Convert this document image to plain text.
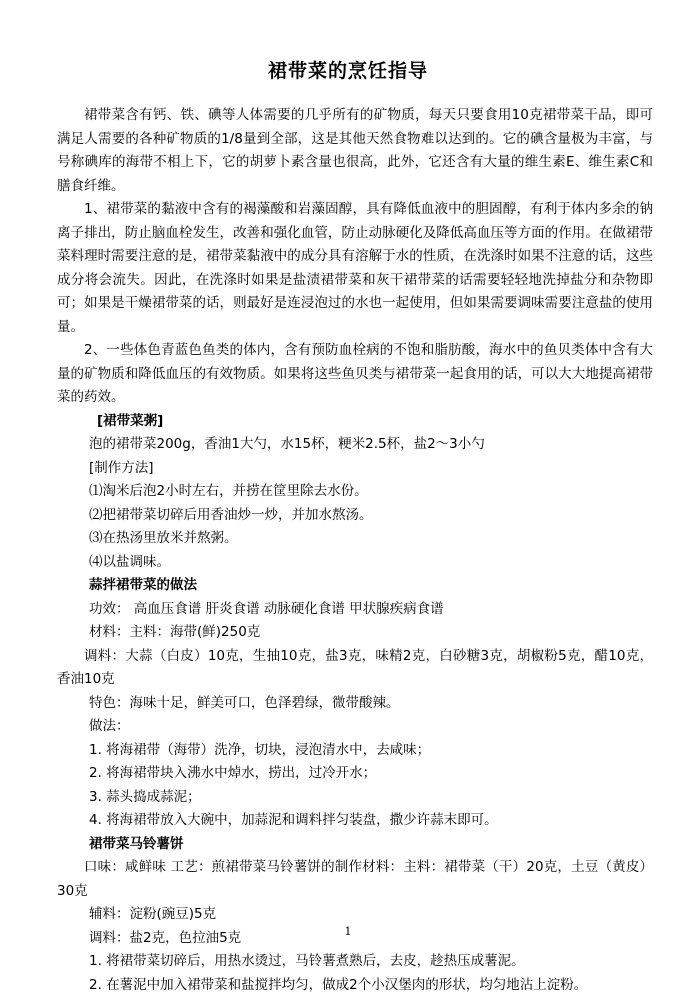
裙带菜的烹饪指导

裙带菜含有钙、铁、碘等人体需要的几乎所有的矿物质，每天只要食用10克裙带菜干品，即可满足人需要的各种矿物质的1/8量到全部，这是其他天然食物难以达到的。它的碘含量极为丰富，与号称碘库的海带不相上下，它的胡萝卜素含量也很高，此外，它还含有大量的维生素E、维生素C和膳食纤维。

1、裙带菜的黏液中含有的褐藻酸和岩藻固醇，具有降低血液中的胆固醇，有利于体内多余的钠离子排出，防止脑血栓发生，改善和强化血管，防止动脉硬化及降低高血压等方面的作用。在做裙带菜料理时需要注意的是，裙带菜黏液中的成分具有溶解于水的性质，在洗涤时如果不注意的话，这些成分将会流失。因此，在洗涤时如果是盐渍裙带菜和灰干裙带菜的话需要轻轻地洗掉盐分和杂物即可；如果是干燥裙带菜的话，则最好是连浸泡过的水也一起使用，但如果需要调味需要注意盐的使用量。

2、一些体色青蓝色鱼类的体内，含有预防血栓病的不饱和脂肪酸，海水中的鱼贝类体中含有大量的矿物质和降低血压的有效物质。如果将这些鱼贝类与裙带菜一起食用的话，可以大大地提高裙带菜的药效。

[裙带菜粥]

泡的裙带菜200g，香油1大勺，水15杯，粳米2.5杯，盐2～3小勺

[制作方法]

⑴淘米后泡2小时左右，并捞在筐里除去水份。

⑵把裙带菜切碎后用香油炒一炒，并加水熬汤。

⑶在热汤里放米并熬粥。

⑷以盐调味。

蒜拌裙带菜的做法

功效： 高血压食谱 肝炎食谱 动脉硬化食谱 甲状腺疾病食谱

材料：主料：海带(鲜)250克

调料：大蒜（白皮）10克，生抽10克，盐3克，味精2克，白砂糖3克，胡椒粉5克，醋10克，香油10克

特色：海味十足，鲜美可口，色泽碧绿，微带酸辣。

做法：

1. 将海裙带（海带）洗净，切块，浸泡清水中，去咸味；

2. 将海裙带块入沸水中焯水，捞出，过冷开水；

3. 蒜头捣成蒜泥；

4. 将海裙带放入大碗中，加蒜泥和调料拌匀装盘，撒少许蒜末即可。

裙带菜马铃薯饼

口味：咸鲜味 工艺：煎裙带菜马铃薯饼的制作材料：主料：裙带菜（干）20克，土豆（黄皮）30克

辅料：淀粉(豌豆)5克

调料：盐2克，色拉油5克

1. 将裙带菜切碎后，用热水烫过，马铃薯煮熟后，去皮，趁热压成薯泥。

2. 在薯泥中加入裙带菜和盐搅拌均匀，做成2个小汉堡肉的形状，均匀地沾上淀粉。

1
